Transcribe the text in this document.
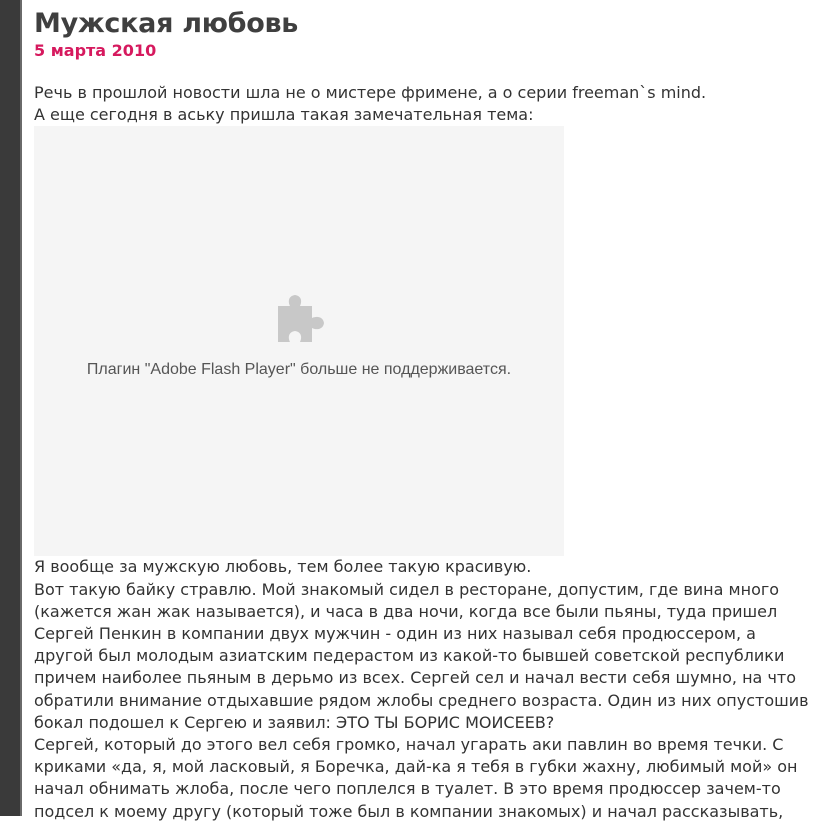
Мужская любовь
5 марта 2010

Речь в прошлой новости шла не о мистере фримене, а о серии freeman`s mind.

А еще сегодня в аську пришла такая замечательная тема:

Плагин "Adobe Flash Player" больше не поддерживается.

Я вообще за мужскую любовь, тем более такую красивую.

Вот такую байку стравлю. Мой знакомый сидел в ресторане, допустим, где вина много (кажется жан жак называется), и часа в два ночи, когда все были пьяны, туда пришел Сергей Пенкин в компании двух мужчин - один из них называл себя продюссером, а другой был молодым азиатским педерастом из какой-то бывшей советской республики причем наиболее пьяным в дерьмо из всех. Сергей сел и начал вести себя шумно, на что обратили внимание отдыхавшие рядом жлобы среднего возраста. Один из них опустошив бокал подошел к Сергею и заявил: ЭТО ТЫ БОРИС МОИСЕЕВ?

Сергей, который до этого вел себя громко, начал угарать аки павлин во время течки. С криками «да, я, мой ласковый, я Боречка, дай-ка я тебя в губки жахну, любимый мой» он начал обнимать жлоба, после чего поплелся в туалет. В это время продюссер зачем-то подсел к моему другу (который тоже был в компании знакомых) и начал рассказывать,
